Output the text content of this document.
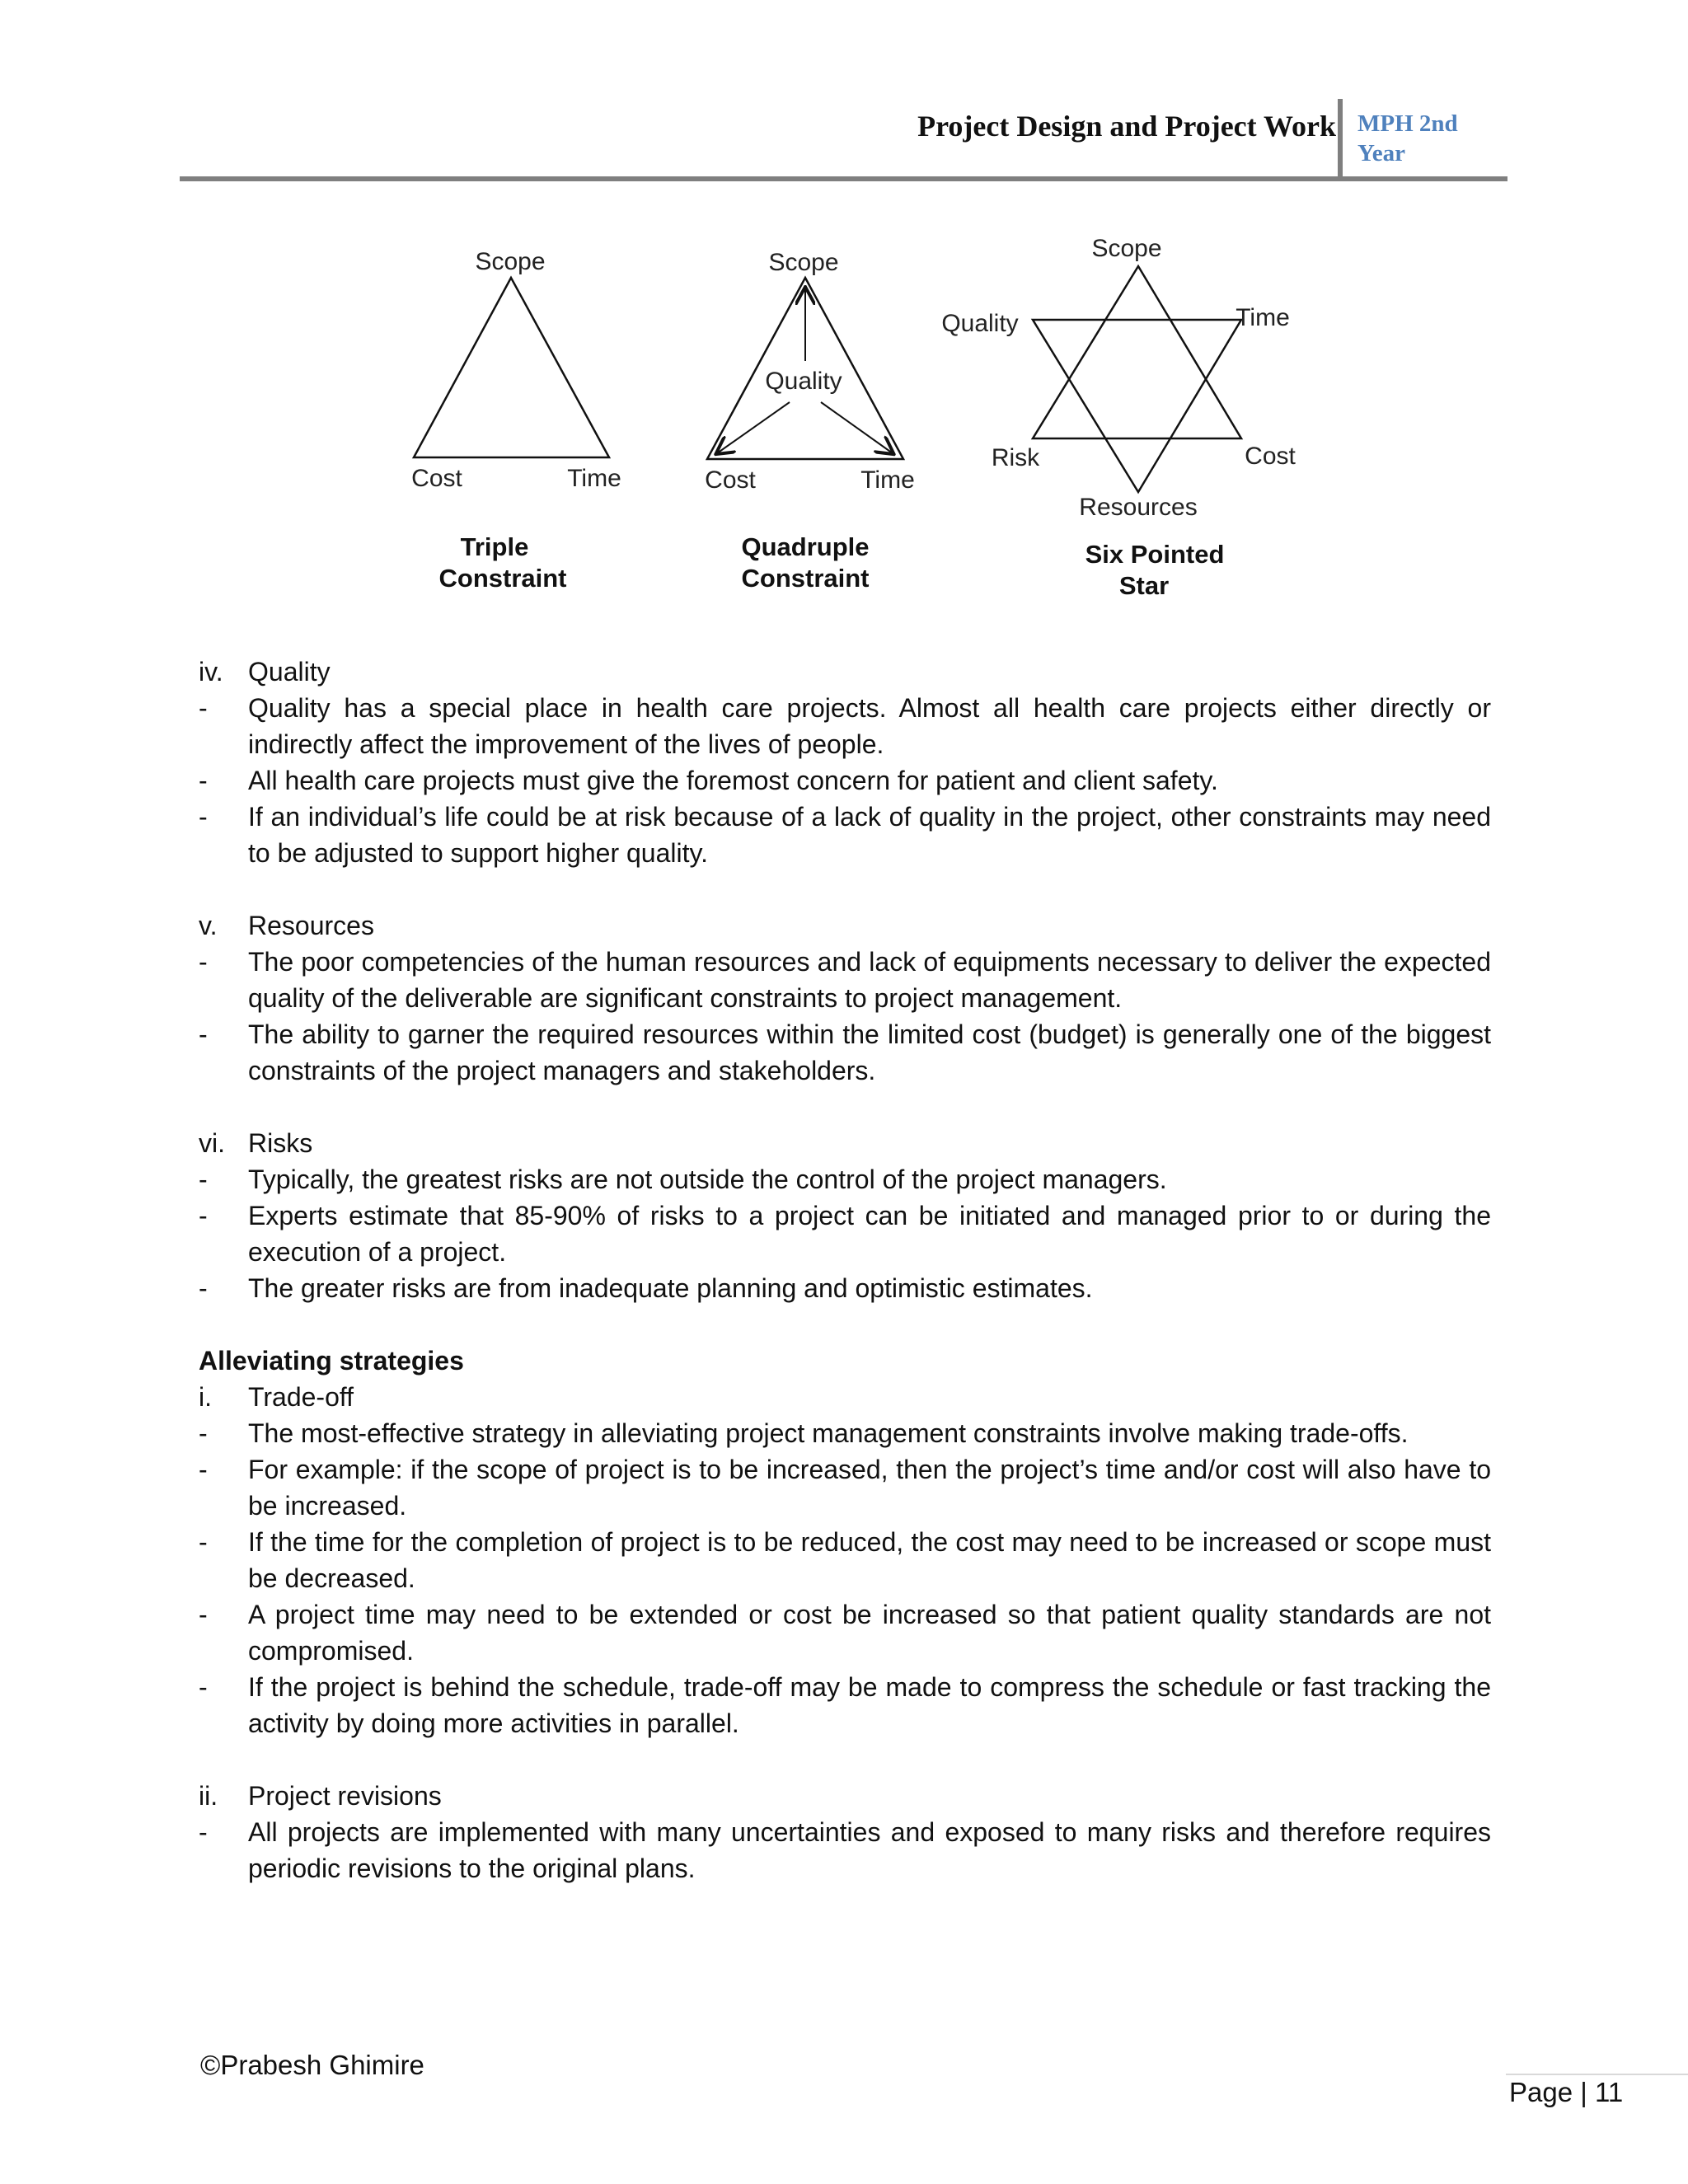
Project Design and Project Work MPH 2nd Year
Scope
Cost	Time
Triple
Constraint
Scope
Quality
Cost	Time
Quadruple
Constraint
Scope
Quality	Time
Risk	Cost
Resources
Six Pointed
Star
iv. Quality
-	Quality has a special place in health care projects. Almost all health care projects either directly or indirectly affect the improvement of the lives of people.
-	All health care projects must give the foremost concern for patient and client safety.
-	If an individual’s life could be at risk because of a lack of quality in the project, other constraints may need to be adjusted to support higher quality.
v.	Resources
-	The poor competencies of the human resources and lack of equipments necessary to deliver the expected quality of the deliverable are significant constraints to project management.
-	The ability to garner the required resources within the limited cost (budget) is generally one of the biggest constraints of the project managers and stakeholders.
vi. Risks
-	Typically, the greatest risks are not outside the control of the project managers.
-	Experts estimate that 85-90% of risks to a project can be initiated and managed prior to or during the execution of a project.
-	The greater risks are from inadequate planning and optimistic estimates.
Alleviating strategies
i.	Trade-off
-	The most-effective strategy in alleviating project management constraints involve making trade-offs.
-	For example: if the scope of project is to be increased, then the project’s time and/or cost will also have to be increased.
-	If the time for the completion of project is to be reduced, the cost may need to be increased or scope must be decreased.
-	A project time may need to be extended or cost be increased so that patient quality standards are not compromised.
-	If the project is behind the schedule, trade-off may be made to compress the schedule or fast tracking the activity by doing more activities in parallel.
ii.	Project revisions
-	All projects are implemented with many uncertainties and exposed to many risks and therefore requires periodic revisions to the original plans.
©Prabesh Ghimire
Page | 11
